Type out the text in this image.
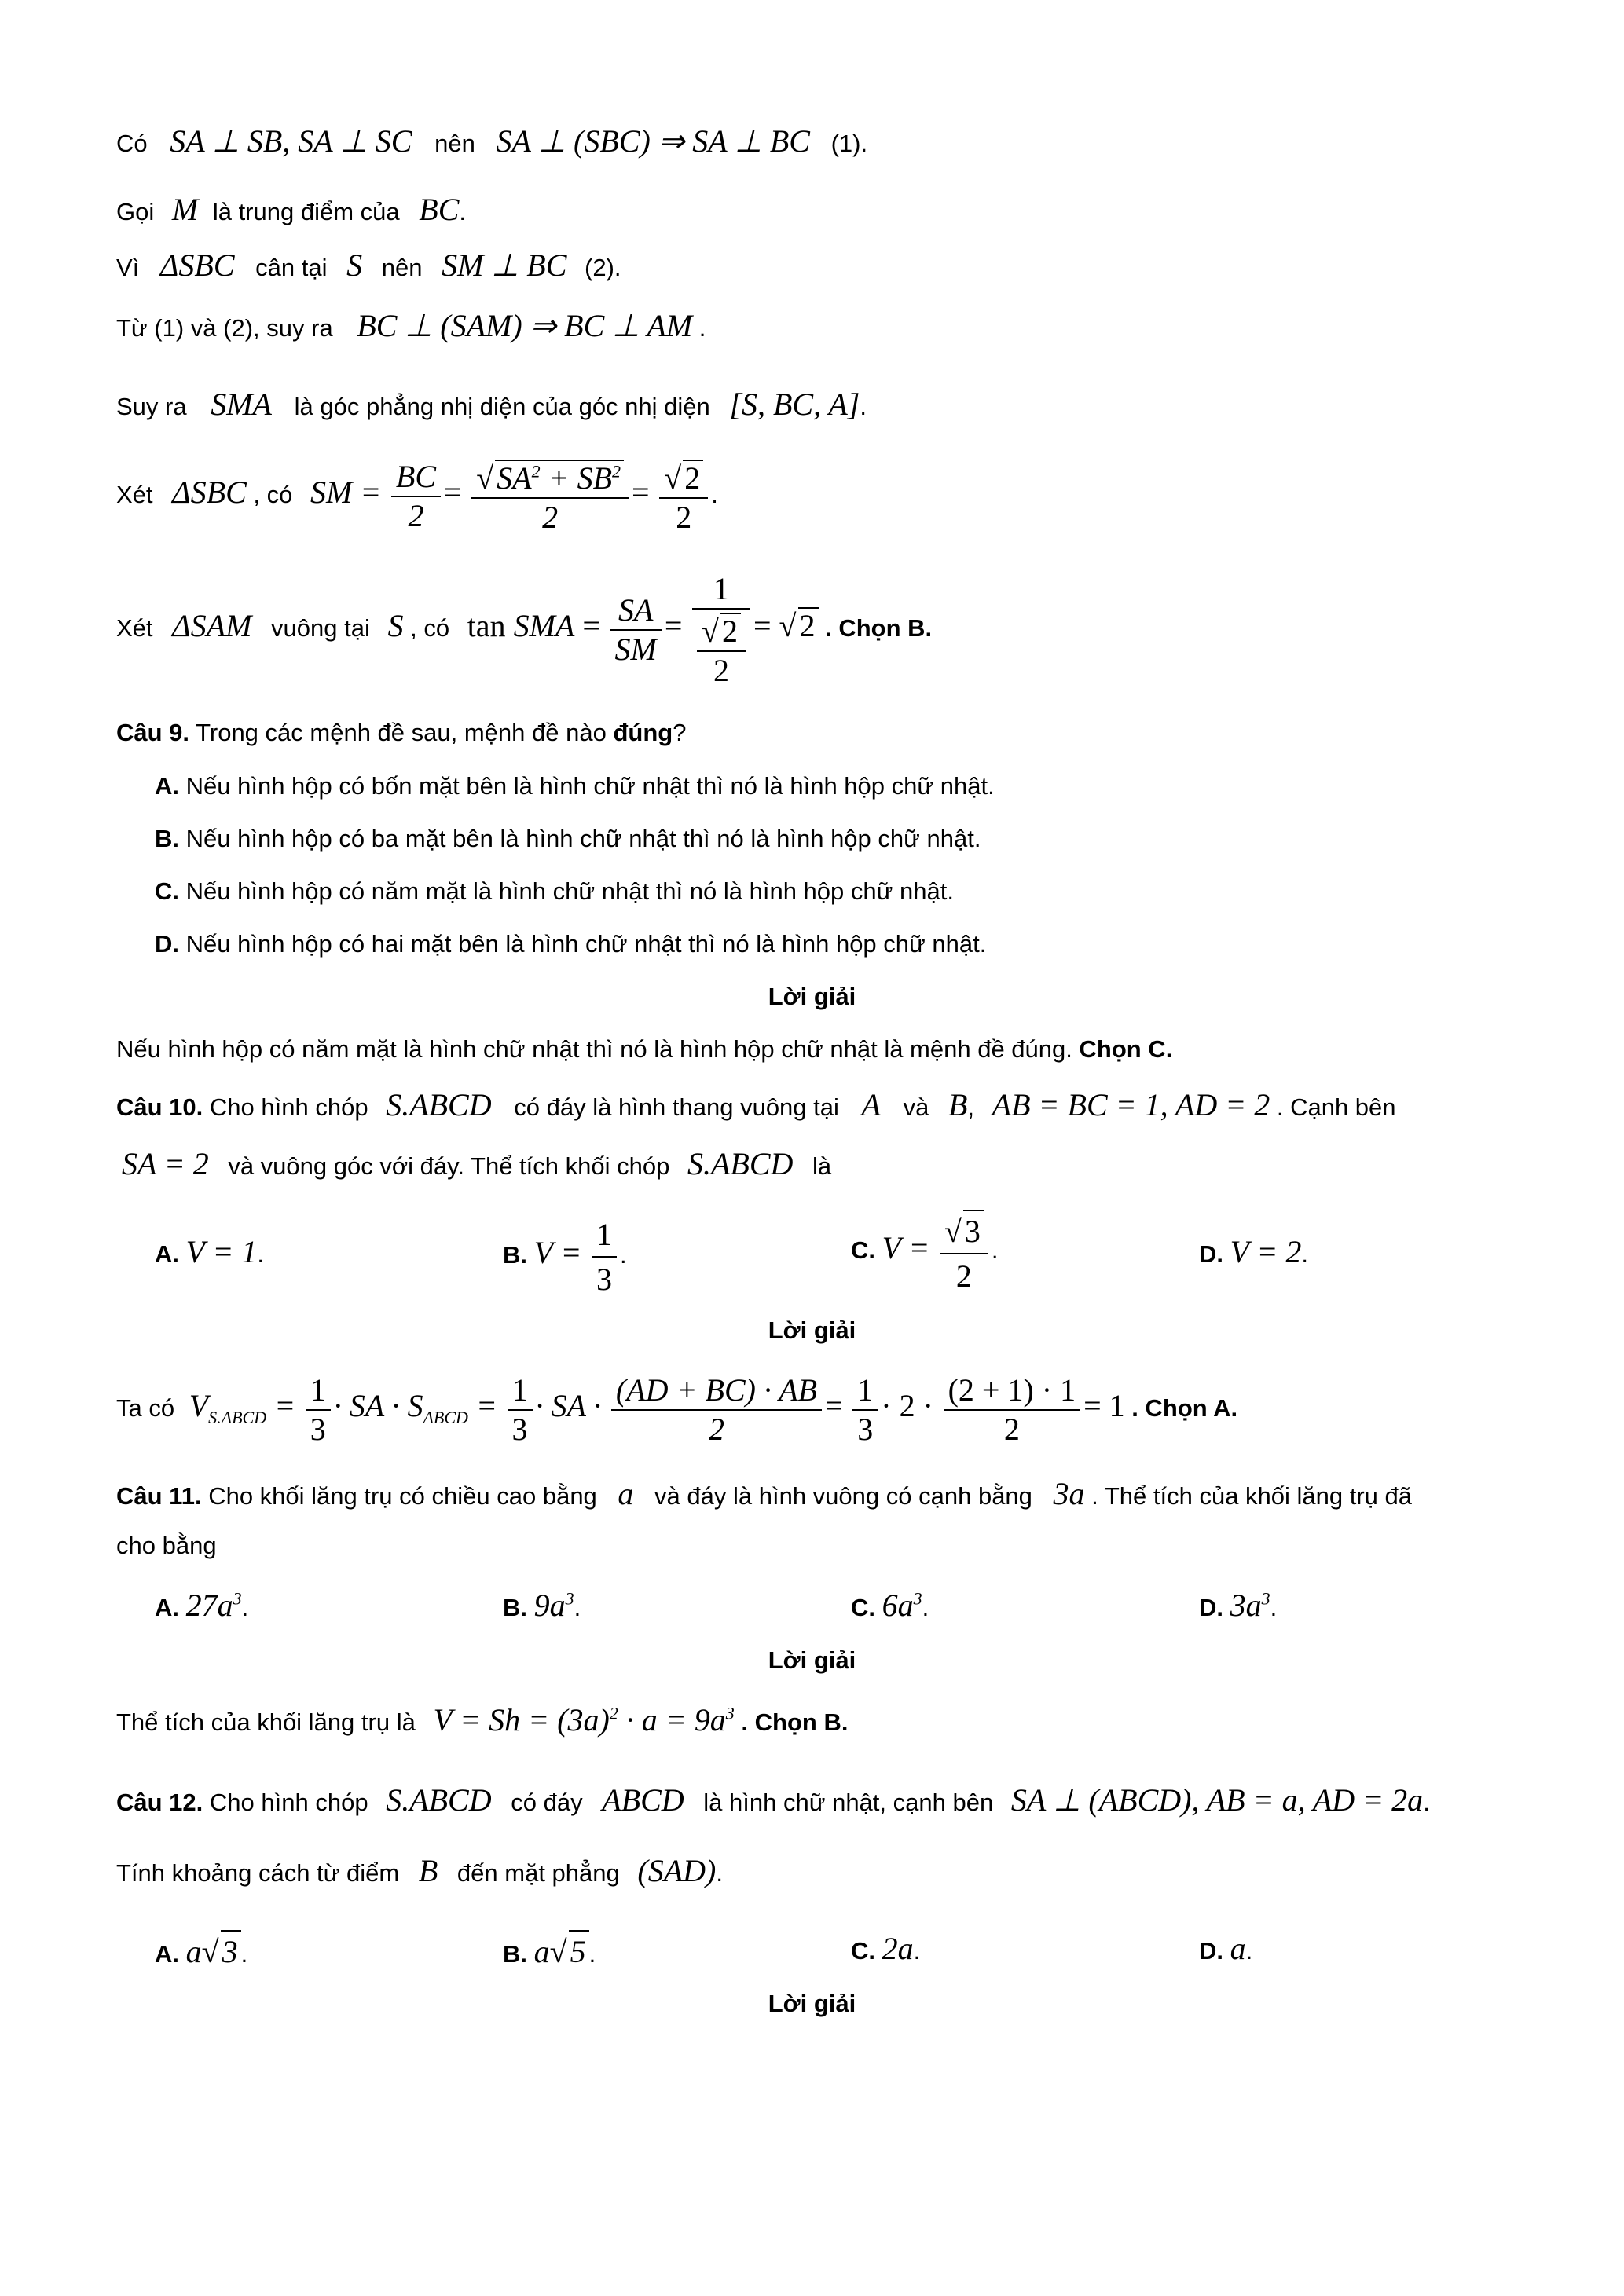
Có SA ⊥ SB, SA ⊥ SC nên SA ⊥ (SBC) ⇒ SA ⊥ BC (1).
Gọi M là trung điểm của BC.
Vì ΔSBC cân tại S nên SM ⊥ BC (2).
Từ (1) và (2), suy ra BC ⊥ (SAM) ⇒ BC ⊥ AM .
Suy ra SMA là góc phẳng nhị diện của góc nhị diện [S, BC, A].
Xét ΔSBC , có SM = $\frac{BC}{2} = \frac{√ SA^2 + SB^2}{2} = \frac{√ 2}{2}$ .
Xét ΔSAM vuông tại S , có tan SMA = $\frac{SA}{SM} = \frac{1}{\frac{√ 2}{2}}$ = √ 2 . Chọn B.
Câu 9. Trong các mệnh đề sau, mệnh đề nào đúng?
A. Nếu hình hộp có bốn mặt bên là hình chữ nhật thì nó là hình hộp chữ nhật.
B. Nếu hình hộp có ba mặt bên là hình chữ nhật thì nó là hình hộp chữ nhật.
C. Nếu hình hộp có năm mặt là hình chữ nhật thì nó là hình hộp chữ nhật.
D. Nếu hình hộp có hai mặt bên là hình chữ nhật thì nó là hình hộp chữ nhật.
Lời giải
Nếu hình hộp có năm mặt là hình chữ nhật thì nó là hình hộp chữ nhật là mệnh đề đúng. Chọn C.
Câu 10. Cho hình chóp S.ABCD có đáy là hình thang vuông tại A và B, AB = BC = 1, AD = 2 . Cạnh bên
SA = 2 và vuông góc với đáy. Thể tích khối chóp S.ABCD là
A. V = 1.	B. $V = \frac{1}{3}$ .	C. $V = \frac{√ 3}{2}$ .	D. V = 2.
Lời giải
Ta có $V_{S.ABCD} = \frac{1}{3}$ · SA · $S_{ABCD} = \frac{1}{3}$ · SA · $\frac{(AD + BC) \cdot AB}{2} = \frac{1}{3} \cdot 2 \cdot \frac{(2 + 1) \cdot 1}{2} = 1$ . Chọn A.
Câu 11. Cho khối lăng trụ có chiều cao bằng a và đáy là hình vuông có cạnh bằng 3a . Thể tích của khối lăng trụ đã
cho bằng
A. $27a^3$.	B. $9a^3$.	C. $6a^3$.	D. $3a^3$.
Lời giải
Thể tích của khối lăng trụ là $V = Sh = (3a)^2 \cdot a = 9a^3$ . Chọn B.
Câu 12. Cho hình chóp S.ABCD có đáy ABCD là hình chữ nhật, cạnh bên SA ⊥ (ABCD), AB = a, AD = 2a.
Tính khoảng cách từ điểm B đến mặt phẳng (SAD).
A. a√ 3 .	B. a√ 5 .	C. 2a.	D. a.
Lời giải
